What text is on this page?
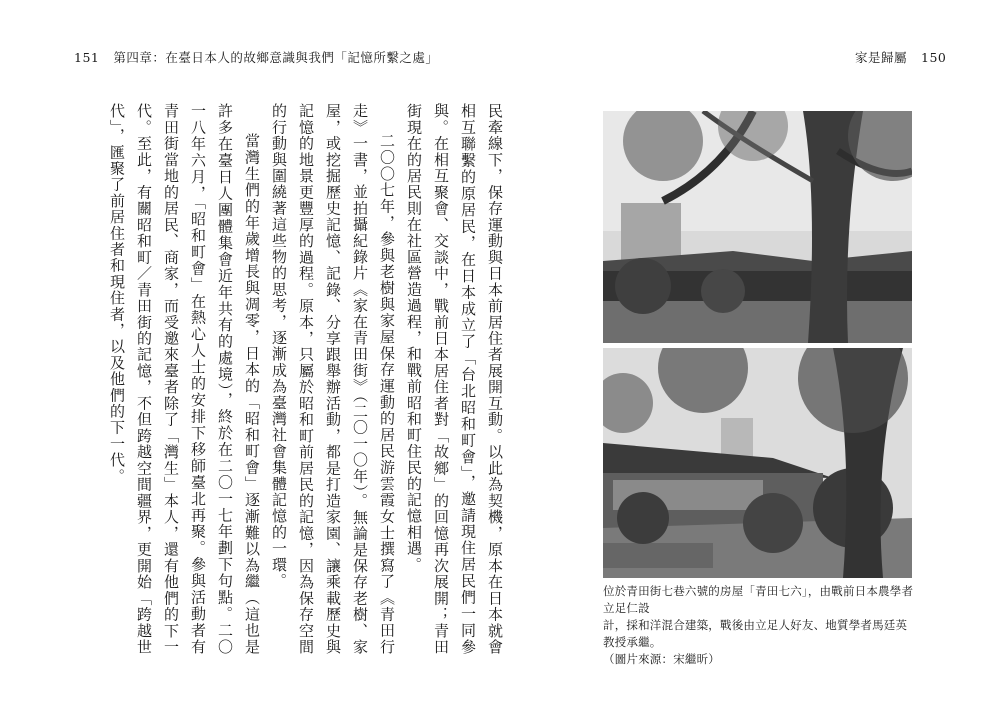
151 第四章：在臺日本人的故鄉意識與我們「記憶所繫之處」	家是歸屬 150

民牽線下，保存運動與日本前居住者展開互動。以此為契機，原本在日本就會相互聯繫的原居民，在日本成立了「台北昭和町會」，邀請現住居民們一同參與。在相互聚會、交談中，戰前日本居住者對「故鄉」的回憶再次展開；青田街現在的居民則在社區營造過程，和戰前昭和町住民的記憶相遇。

二〇〇七年，參與老樹與家屋保存運動的居民游雲霞女士撰寫了《青田行走》一書，並拍攝紀錄片《家在青田街》（二〇一〇年）。無論是保存老樹、家屋，或挖掘歷史記憶、記錄、分享跟舉辦活動，都是打造家園、讓乘載歷史與記憶的地景更豐厚的過程。原本，只屬於昭和町前居民的記憶，因為保存空間的行動與圍繞著這些物的思考，逐漸成為臺灣社會集體記憶的一環。

當灣生們的年歲增長與凋零，日本的「昭和町會」逐漸難以為繼（這也是許多在臺日人團體集會近年共有的處境），終於在二〇一七年劃下句點。二〇一八年六月，「昭和町會」在熱心人士的安排下移師臺北再聚。參與活動者有青田街當地的居民、商家，而受邀來臺者除了「灣生」本人，還有他們的下一代。至此，有關昭和町／青田街的記憶，不但跨越空間疆界，更開始「跨越世代」，匯聚了前居住者和現住者，以及他們的下一代。

位於青田街七巷六號的房屋「青田七六」，由戰前日本農學者立足仁設

計，採和洋混合建築，戰後由立足人好友、地質學者馬廷英教授承繼。

（圖片來源：宋繼昕）
